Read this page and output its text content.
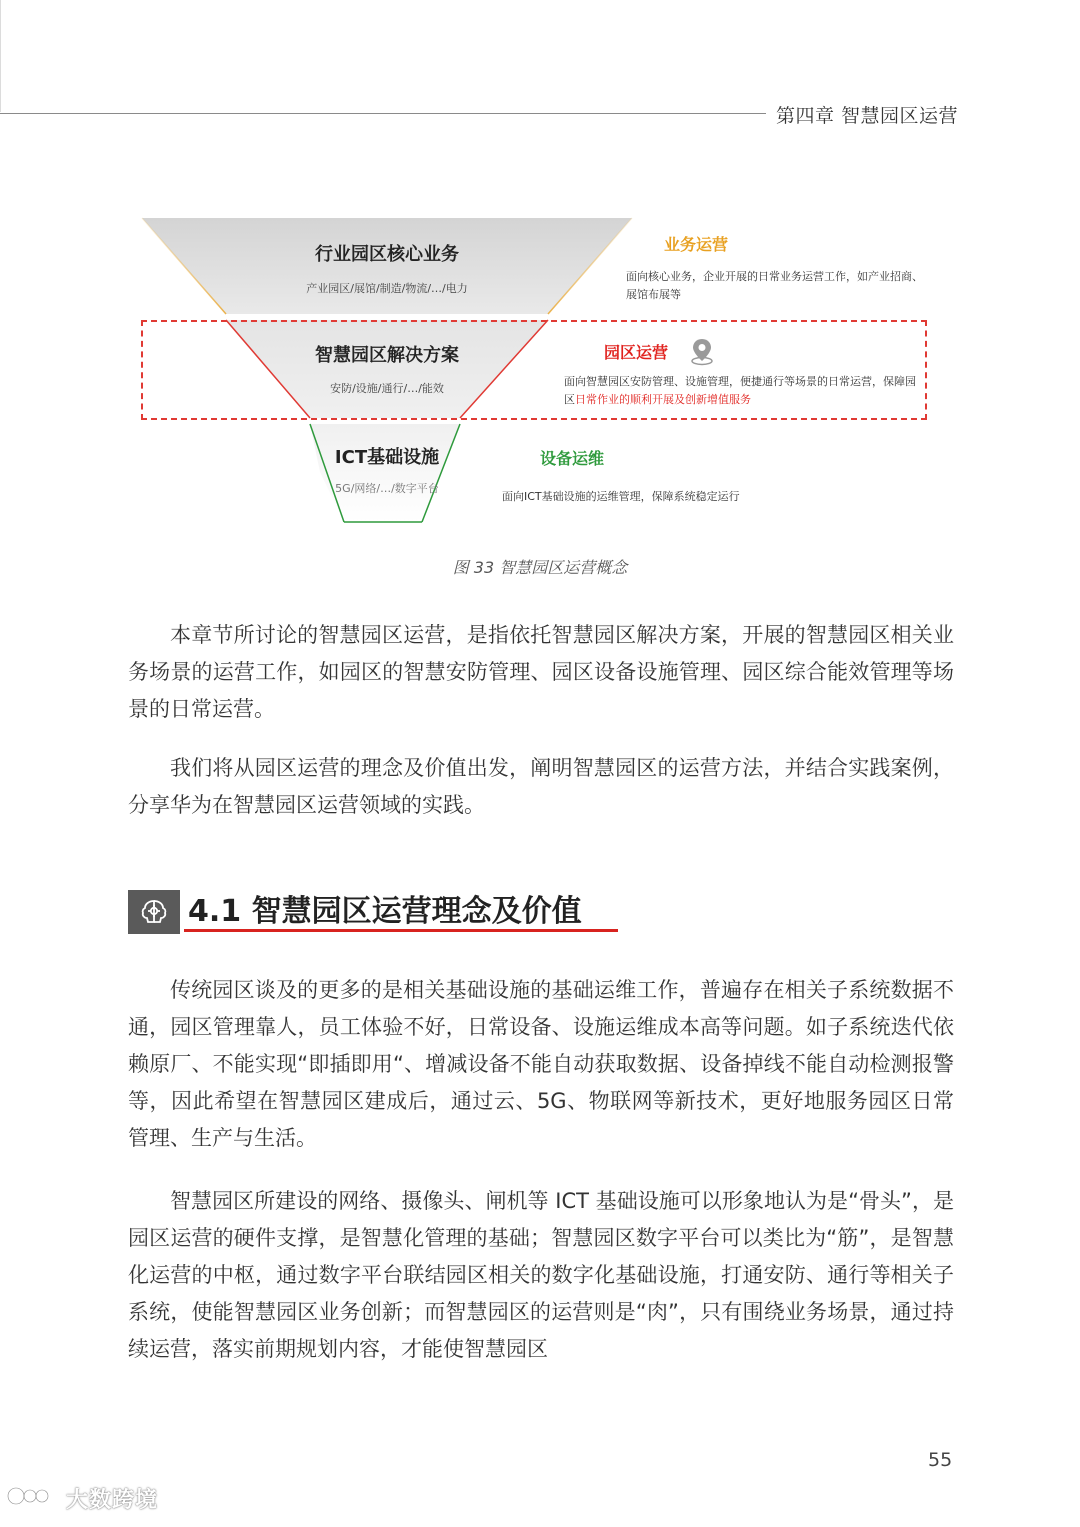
第四章 智慧园区运营
行业园区核心业务
产业园区/展馆/制造/物流/…/电力
智慧园区解决方案
安防/设施/通行/…/能效
ICT基础设施
5G/网络/…/数字平台
业务运营
面向核心业务，企业开展的日常业务运营工作，如产业招商、展馆布展等
园区运营
面向智慧园区安防管理、设施管理，便捷通行等场景的日常运营，保障园区日常作业的顺利开展及创新增值服务
设备运维
面向ICT基础设施的运维管理，保障系统稳定运行
图 33 智慧园区运营概念
本章节所讨论的智慧园区运营，是指依托智慧园区解决方案，开展的智慧园区相关业务场景的运营工作，如园区的智慧安防管理、园区设备设施管理、园区综合能效管理等场景的日常运营。
我们将从园区运营的理念及价值出发，阐明智慧园区的运营方法，并结合实践案例，分享华为在智慧园区运营领域的实践。
4.1 智慧园区运营理念及价值
传统园区谈及的更多的是相关基础设施的基础运维工作，普遍存在相关子系统数据不通，园区管理靠人，员工体验不好，日常设备、设施运维成本高等问题。如子系统迭代依赖原厂、不能实现“即插即用“、增减设备不能自动获取数据、设备掉线不能自动检测报警等，因此希望在智慧园区建成后，通过云、5G、物联网等新技术，更好地服务园区日常管理、生产与生活。
智慧园区所建设的网络、摄像头、闸机等 ICT 基础设施可以形象地认为是“骨头”，是园区运营的硬件支撑，是智慧化管理的基础；智慧园区数字平台可以类比为“筋”，是智慧化运营的中枢，通过数字平台联结园区相关的数字化基础设施，打通安防、通行等相关子系统，使能智慧园区业务创新；而智慧园区的运营则是“肉”，只有围绕业务场景，通过持续运营，落实前期规划内容，才能使智慧园区
55
大数跨境
